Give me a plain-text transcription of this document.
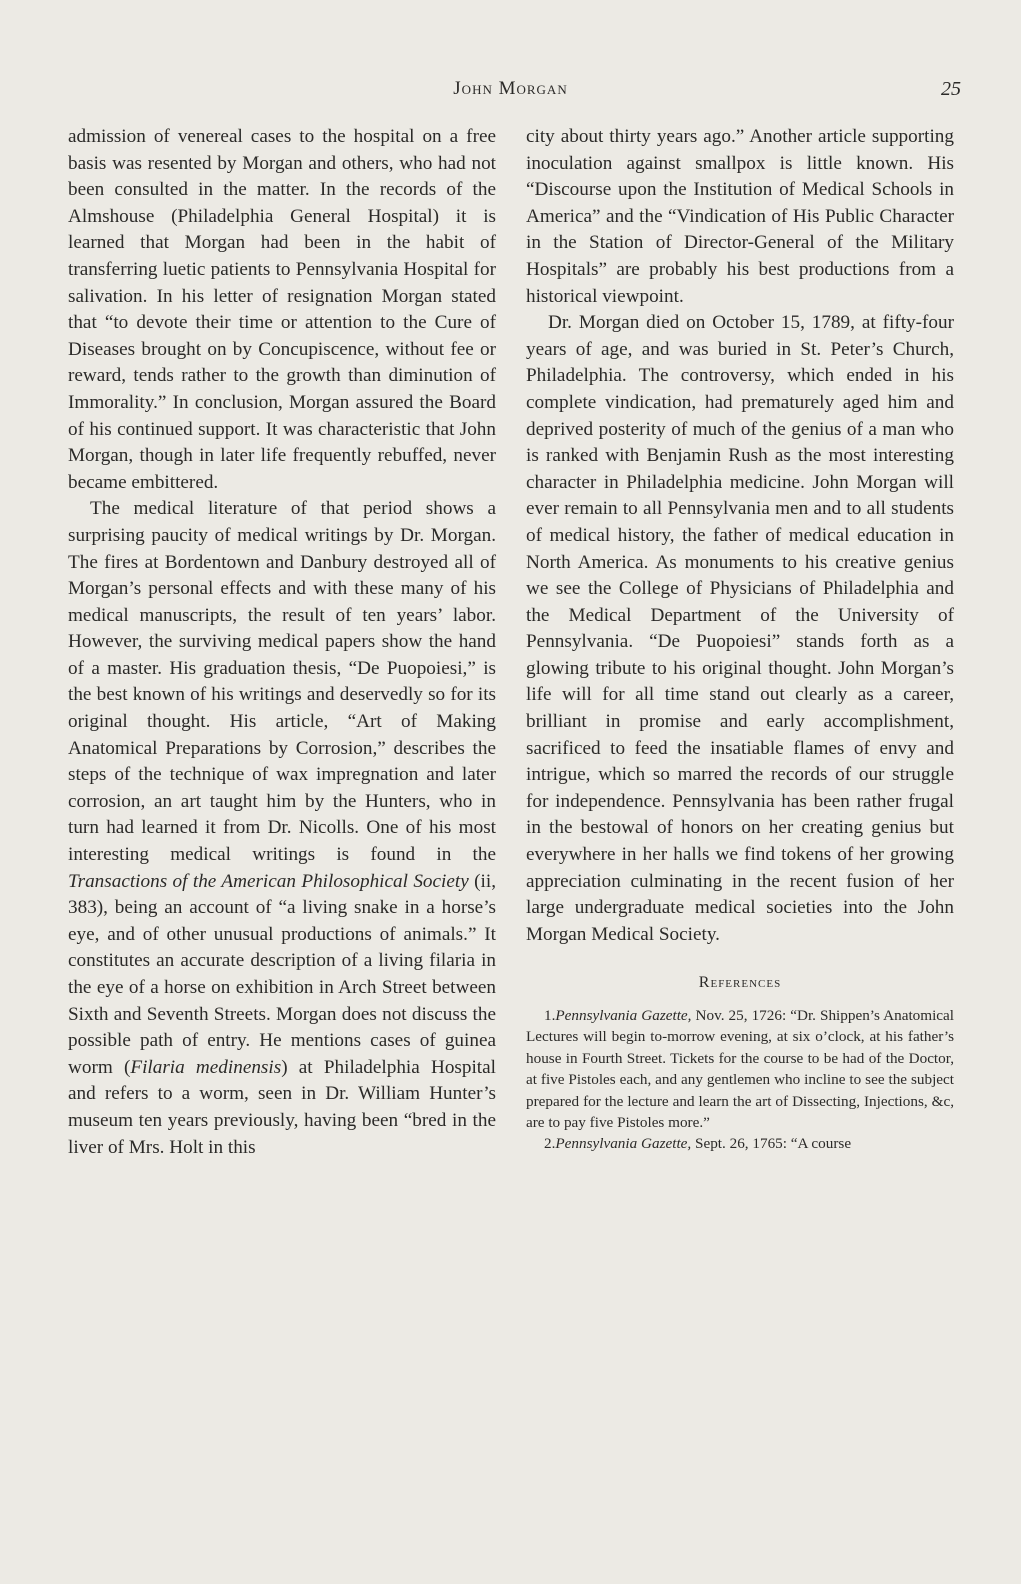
John Morgan	25

admission of venereal cases to the hospital on a free basis was resented by Morgan and others, who had not been consulted in the matter. In the records of the Almshouse (Philadelphia General Hospital) it is learned that Morgan had been in the habit of transferring luetic patients to Pennsylvania Hospital for salivation. In his letter of resignation Morgan stated that “to devote their time or attention to the Cure of Diseases brought on by Concupiscence, without fee or reward, tends rather to the growth than diminution of Immorality.” In conclusion, Morgan assured the Board of his continued support. It was characteristic that John Morgan, though in later life frequently rebuffed, never became embittered.

The medical literature of that period shows a surprising paucity of medical writings by Dr. Morgan. The fires at Bordentown and Danbury destroyed all of Morgan’s personal effects and with these many of his medical manuscripts, the result of ten years’ labor. However, the surviving medical papers show the hand of a master. His graduation thesis, “De Puopoiesi,” is the best known of his writings and deservedly so for its original thought. His article, “Art of Making Anatomical Preparations by Corrosion,” describes the steps of the technique of wax impregnation and later corrosion, an art taught him by the Hunters, who in turn had learned it from Dr. Nicolls. One of his most interesting medical writings is found in the Transactions of the American Philosophical Society (ii, 383), being an account of “a living snake in a horse’s eye, and of other unusual productions of animals.” It constitutes an accurate description of a living filaria in the eye of a horse on exhibition in Arch Street between Sixth and Seventh Streets. Morgan does not discuss the possible path of entry. He mentions cases of guinea worm (Filaria medinensis) at Philadelphia Hospital and refers to a worm, seen in Dr. William Hunter’s museum ten years previously, having been “bred in the liver of Mrs. Holt in this

city about thirty years ago.” Another article supporting inoculation against smallpox is little known. His “Discourse upon the Institution of Medical Schools in America” and the “Vindication of His Public Character in the Station of Director-General of the Military Hospitals” are probably his best productions from a historical viewpoint.

Dr. Morgan died on October 15, 1789, at fifty-four years of age, and was buried in St. Peter’s Church, Philadelphia. The controversy, which ended in his complete vindication, had prematurely aged him and deprived posterity of much of the genius of a man who is ranked with Benjamin Rush as the most interesting character in Philadelphia medicine. John Morgan will ever remain to all Pennsylvania men and to all students of medical history, the father of medical education in North America. As monuments to his creative genius we see the College of Physicians of Philadelphia and the Medical Department of the University of Pennsylvania. “De Puopoiesi” stands forth as a glowing tribute to his original thought. John Morgan’s life will for all time stand out clearly as a career, brilliant in promise and early accomplishment, sacrificed to feed the insatiable flames of envy and intrigue, which so marred the records of our struggle for independence. Pennsylvania has been rather frugal in the bestowal of honors on her creating genius but everywhere in her halls we find tokens of her growing appreciation culminating in the recent fusion of her large undergraduate medical societies into the John Morgan Medical Society.

References

1.Pennsylvania Gazette, Nov. 25, 1726: “Dr. Shippen’s Anatomical Lectures will begin to-morrow evening, at six o’clock, at his father’s house in Fourth Street. Tickets for the course to be had of the Doctor, at five Pistoles each, and any gentlemen who incline to see the subject prepared for the lecture and learn the art of Dissecting, Injections, &c, are to pay five Pistoles more.”

2.Pennsylvania Gazette, Sept. 26, 1765: “A course
